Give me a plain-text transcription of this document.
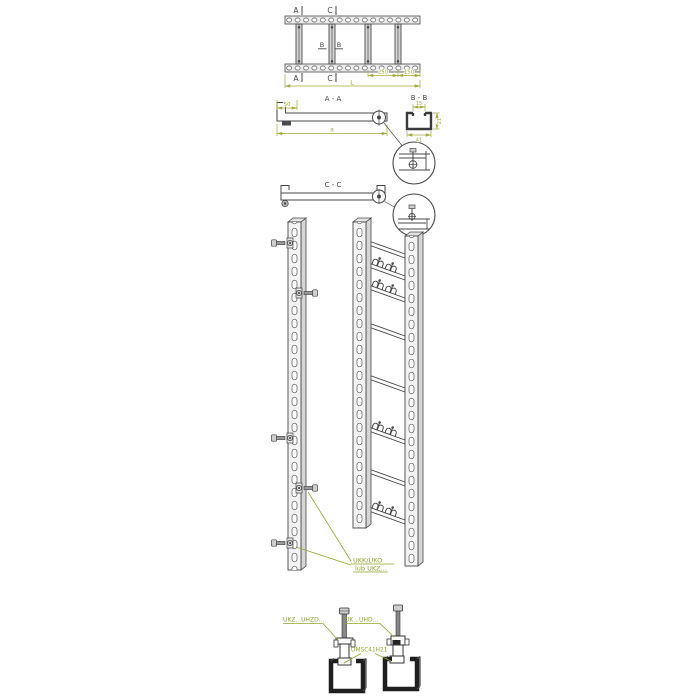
A	C
B B
A	C
250	150
L
A - A
50
a
B - B
15
21
41
C - C
UKK/UKO
lub UKZ...
UKZ...UHZD...	UK...UHD...
OMSC41H21
